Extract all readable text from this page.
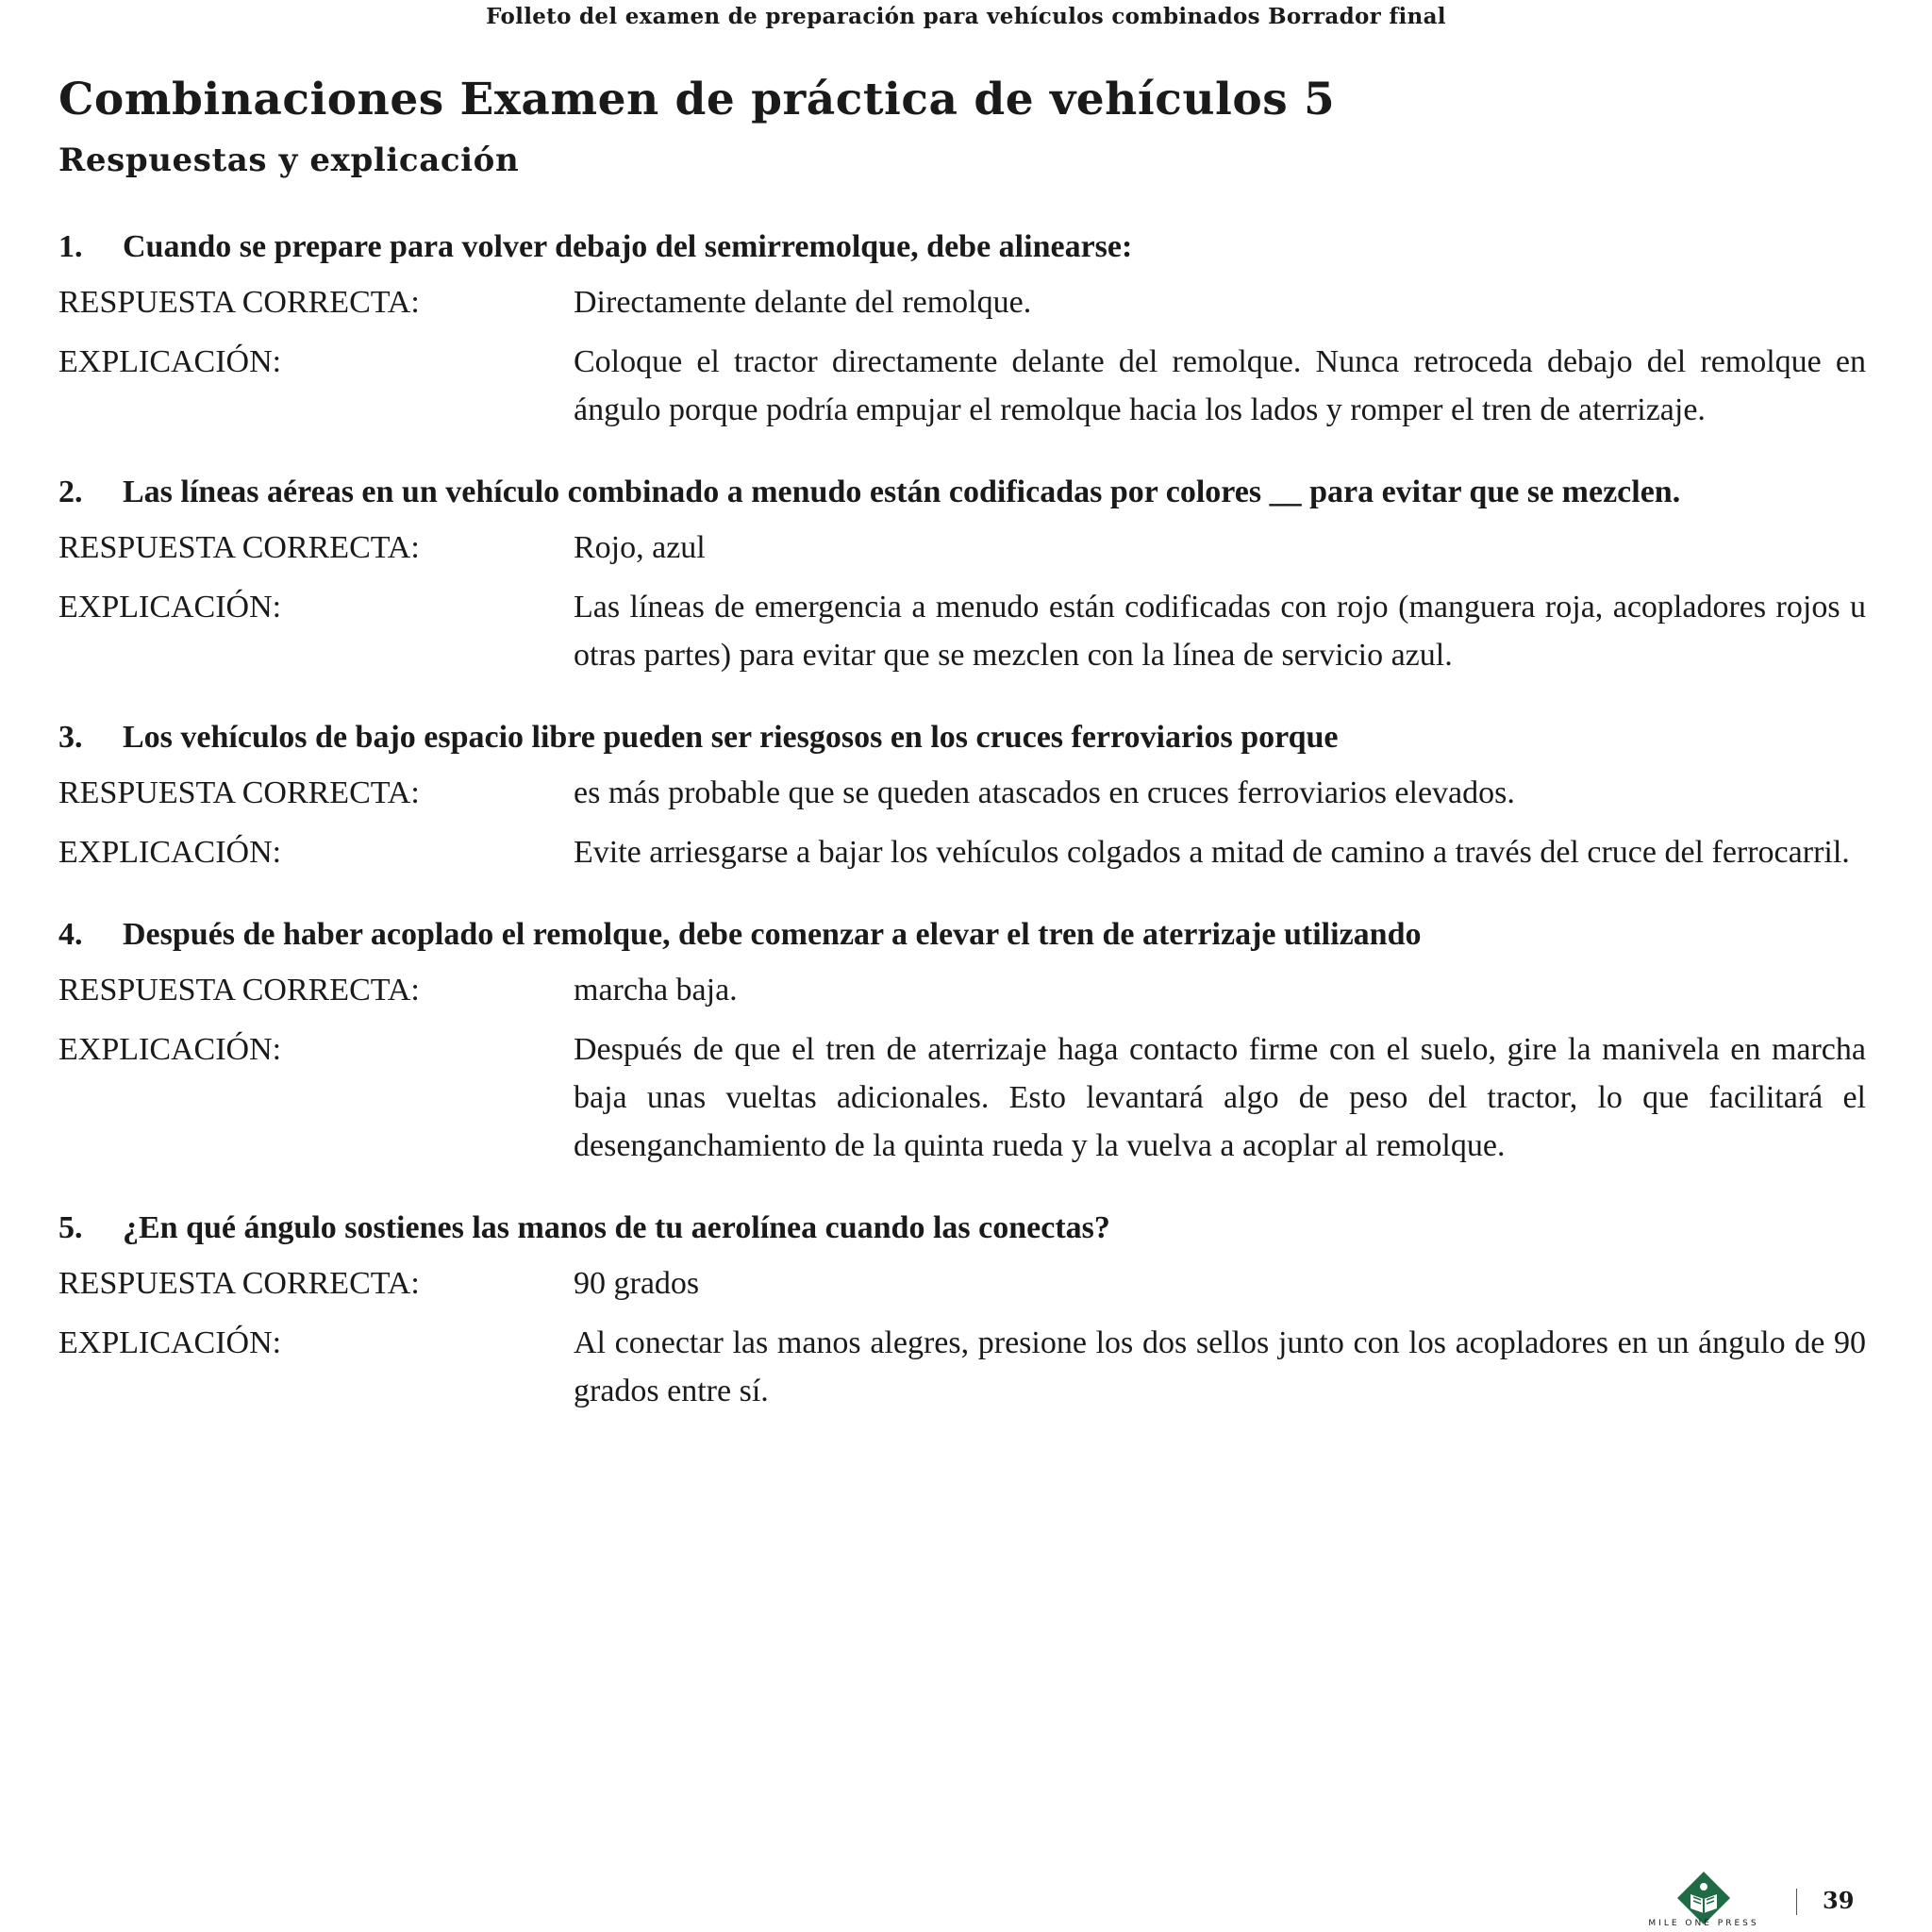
Folleto del examen de preparación para vehículos combinados Borrador final
Combinaciones Examen de práctica de vehículos 5
Respuestas y explicación
1.	Cuando se prepare para volver debajo del semirremolque, debe alinearse:
RESPUESTA CORRECTA:	Directamente delante del remolque.
EXPLICACIÓN:	Coloque el tractor directamente delante del remolque. Nunca retroceda debajo del remolque en ángulo porque podría empujar el remolque hacia los lados y romper el tren de aterrizaje.
2.	Las líneas aéreas en un vehículo combinado a menudo están codificadas por colores __ para evitar que se mezclen.
RESPUESTA CORRECTA:	Rojo, azul
EXPLICACIÓN:	Las líneas de emergencia a menudo están codificadas con rojo (manguera roja, acopladores rojos u otras partes) para evitar que se mezclen con la línea de servicio azul.
3.	Los vehículos de bajo espacio libre pueden ser riesgosos en los cruces ferroviarios porque
RESPUESTA CORRECTA:	es más probable que se queden atascados en cruces ferroviarios elevados.
EXPLICACIÓN:	Evite arriesgarse a bajar los vehículos colgados a mitad de camino a través del cruce del ferrocarril.
4.	Después de haber acoplado el remolque, debe comenzar a elevar el tren de aterrizaje utilizando
RESPUESTA CORRECTA:	marcha baja.
EXPLICACIÓN:	Después de que el tren de aterrizaje haga contacto firme con el suelo, gire la manivela en marcha baja unas vueltas adicionales. Esto levantará algo de peso del tractor, lo que facilitará el desenganchamiento de la quinta rueda y la vuelva a acoplar al remolque.
5.	¿En qué ángulo sostienes las manos de tu aerolínea cuando las conectas?
RESPUESTA CORRECTA:	90 grados
EXPLICACIÓN:	Al conectar las manos alegres, presione los dos sellos junto con los acopladores en un ángulo de 90 grados entre sí.
MILE ONE PRESS
39
